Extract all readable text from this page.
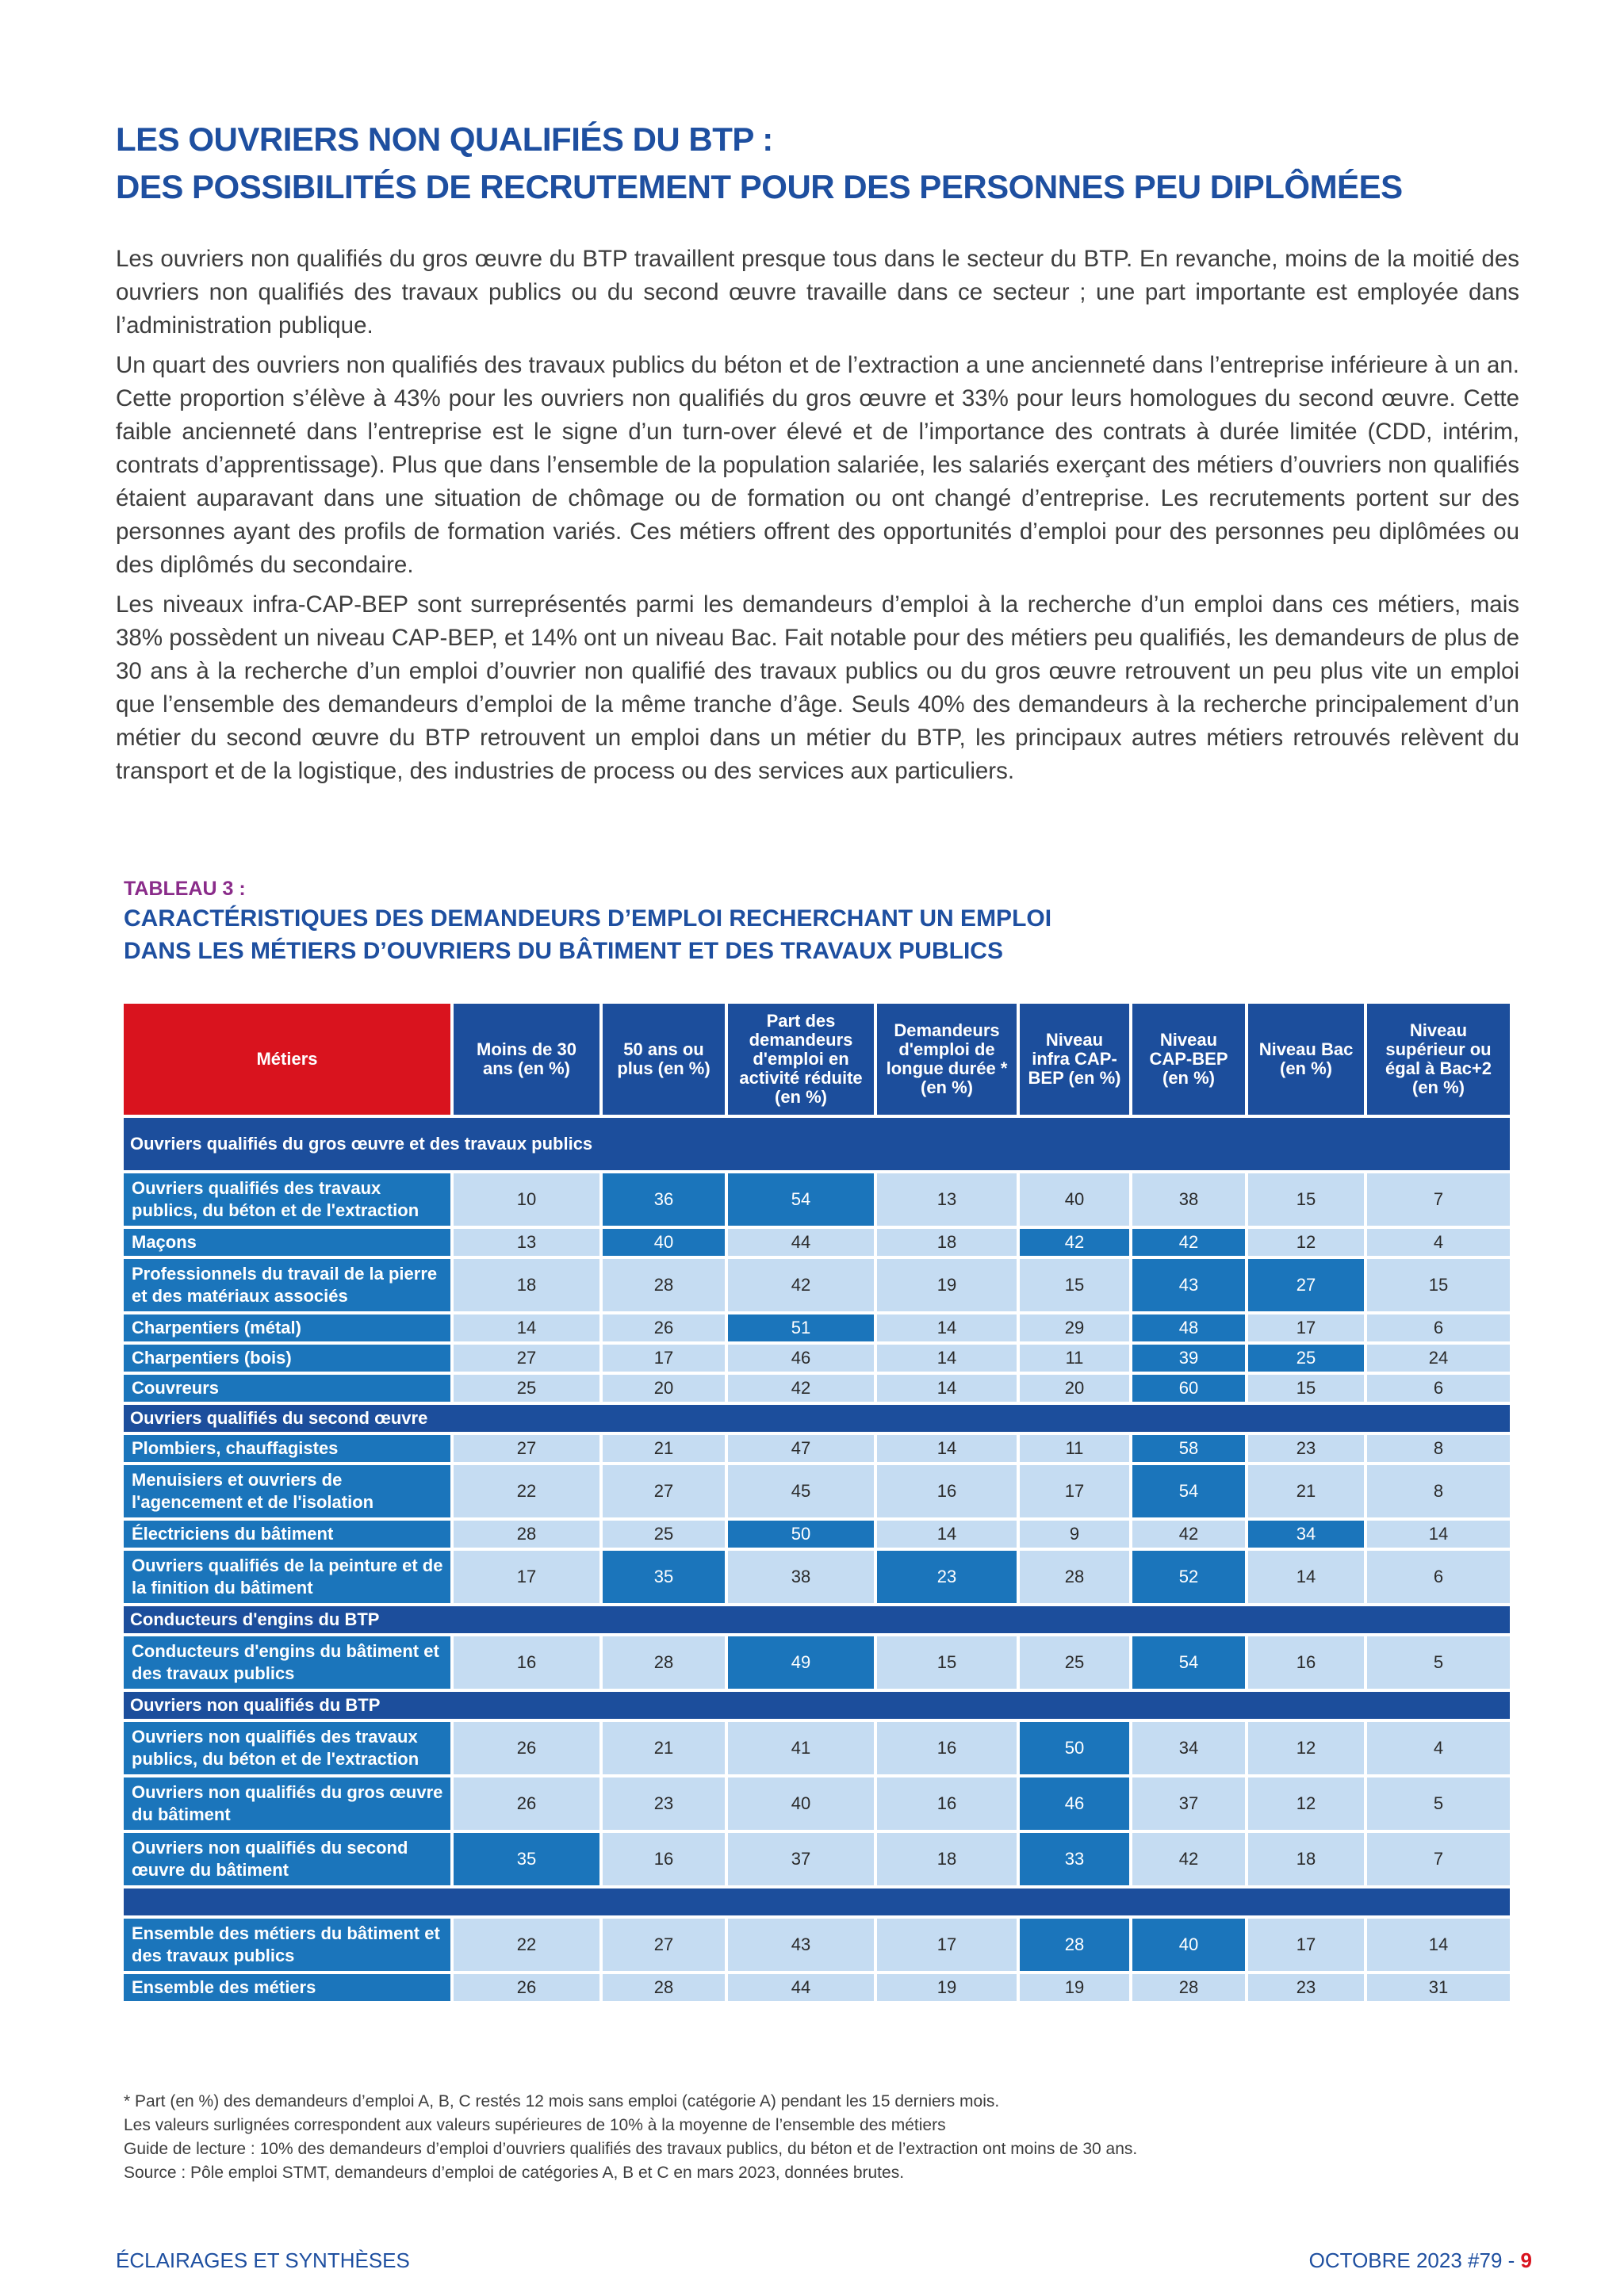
LES OUVRIERS NON QUALIFIÉS DU BTP :
DES POSSIBILITÉS DE RECRUTEMENT POUR DES PERSONNES PEU DIPLÔMÉES

Les ouvriers non qualifiés du gros œuvre du BTP travaillent presque tous dans le secteur du BTP. En revanche, moins de la moitié des ouvriers non qualifiés des travaux publics ou du second œuvre travaille dans ce secteur ; une part importante est employée dans l’administration publique.

Un quart des ouvriers non qualifiés des travaux publics du béton et de l’extraction a une ancienneté dans l’entreprise inférieure à un an. Cette proportion s’élève à 43% pour les ouvriers non qualifiés du gros œuvre et 33% pour leurs homologues du second œuvre. Cette faible ancienneté dans l’entreprise est le signe d’un turn-over élevé et de l’importance des contrats à durée limitée (CDD, intérim, contrats d’apprentissage). Plus que dans l’ensemble de la population salariée, les salariés exerçant des métiers d’ouvriers non qualifiés étaient auparavant dans une situation de chômage ou de formation ou ont changé d’entreprise. Les recrutements portent sur des personnes ayant des profils de formation variés. Ces métiers offrent des opportunités d’emploi pour des personnes peu diplômées ou des diplômés du secondaire.

Les niveaux infra-CAP-BEP sont surreprésentés parmi les demandeurs d’emploi à la recherche d’un emploi dans ces métiers, mais 38% possèdent un niveau CAP-BEP, et 14% ont un niveau Bac. Fait notable pour des métiers peu qualifiés, les demandeurs de plus de 30 ans à la recherche d’un emploi d’ouvrier non qualifié des travaux publics ou du gros œuvre retrouvent un peu plus vite un emploi que l’ensemble des demandeurs d’emploi de la même tranche d’âge. Seuls 40% des demandeurs à la recherche principalement d’un métier du second œuvre du BTP retrouvent un emploi dans un métier du BTP, les principaux autres métiers retrouvés relèvent du transport et de la logistique, des industries de process ou des services aux particuliers.

TABLEAU 3 :
CARACTÉRISTIQUES DES DEMANDEURS D’EMPLOI RECHERCHANT UN EMPLOI
DANS LES MÉTIERS D’OUVRIERS DU BÂTIMENT ET DES TRAVAUX PUBLICS
Métiers	Moins de 30 ans (en %)	50 ans ou plus (en %)	Part des demandeurs d'emploi en activité réduite (en %)	Demandeurs d'emploi de longue durée * (en %)	Niveau infra CAP-BEP (en %)	Niveau CAP-BEP (en %)	Niveau Bac (en %)	Niveau supérieur ou égal à Bac+2 (en %)
Ouvriers qualifiés du gros œuvre et des travaux publics								
Ouvriers qualifiés des travaux publics, du béton et de l'extraction	10	36	54	13	40	38	15	7
Maçons	13	40	44	18	42	42	12	4
Professionnels du travail de la pierre et des matériaux associés	18	28	42	19	15	43	27	15
Charpentiers (métal)	14	26	51	14	29	48	17	6
Charpentiers (bois)	27	17	46	14	11	39	25	24
Couvreurs	25	20	42	14	20	60	15	6
Ouvriers qualifiés du second œuvre								
Plombiers, chauffagistes	27	21	47	14	11	58	23	8
Menuisiers et ouvriers de l'agencement et de l'isolation	22	27	45	16	17	54	21	8
Électriciens du bâtiment	28	25	50	14	9	42	34	14
Ouvriers qualifiés de la peinture et de la finition du bâtiment	17	35	38	23	28	52	14	6
Conducteurs d'engins du BTP								
Conducteurs d'engins du bâtiment et des travaux publics	16	28	49	15	25	54	16	5
Ouvriers non qualifiés du BTP								
Ouvriers non qualifiés des travaux publics, du béton et de l'extraction	26	21	41	16	50	34	12	4
Ouvriers non qualifiés du gros œuvre du bâtiment	26	23	40	16	46	37	12	5
Ouvriers non qualifiés du second œuvre du bâtiment	35	16	37	18	33	42	18	7

Ensemble des métiers du bâtiment et des travaux publics	22	27	43	17	28	40	17	14
Ensemble des métiers	26	28	44	19	19	28	23	31
* Part (en %) des demandeurs d’emploi A, B, C restés 12 mois sans emploi (catégorie A) pendant les 15 derniers mois.
Les valeurs surlignées correspondent aux valeurs supérieures de 10% à la moyenne de l’ensemble des métiers
Guide de lecture : 10% des demandeurs d’emploi d’ouvriers qualifiés des travaux publics, du béton et de l’extraction ont moins de 30 ans.
Source : Pôle emploi STMT, demandeurs d’emploi de catégories A, B et C en mars 2023, données brutes.
ÉCLAIRAGES ET SYNTHÈSES	OCTOBRE 2023 #79 - 9
